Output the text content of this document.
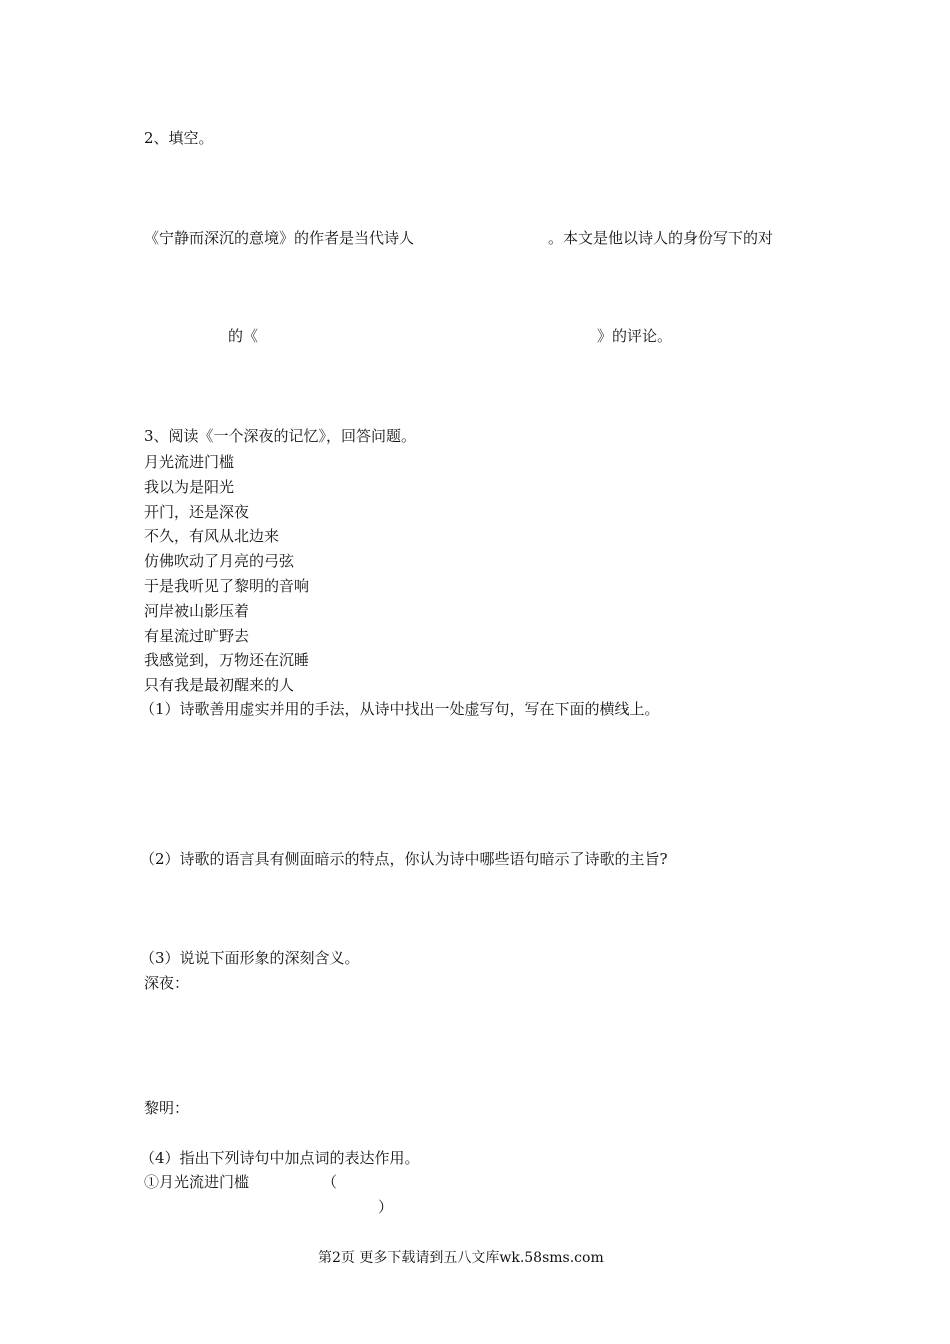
2、填空。
《宁静而深沉的意境》的作者是当代诗人	。本文是他以诗人的身份写下的对
的《	》的评论。
3、阅读《一个深夜的记忆》，回答问题。
月光流进门槛
我以为是阳光
开门，还是深夜
不久，有风从北边来
仿佛吹动了月亮的弓弦
于是我听见了黎明的音响
河岸被山影压着
有星流过旷野去
我感觉到，万物还在沉睡
只有我是最初醒来的人
（1）诗歌善用虚实并用的手法，从诗中找出一处虚写句，写在下面的横线上。
（2）诗歌的语言具有侧面暗示的特点，你认为诗中哪些语句暗示了诗歌的主旨?
（3）说说下面形象的深刻含义。
深夜：
黎明：
（4）指出下列诗句中加点词的表达作用。
①月光流进门槛	（
）
第2页 更多下载请到五八文库wk.58sms.com
